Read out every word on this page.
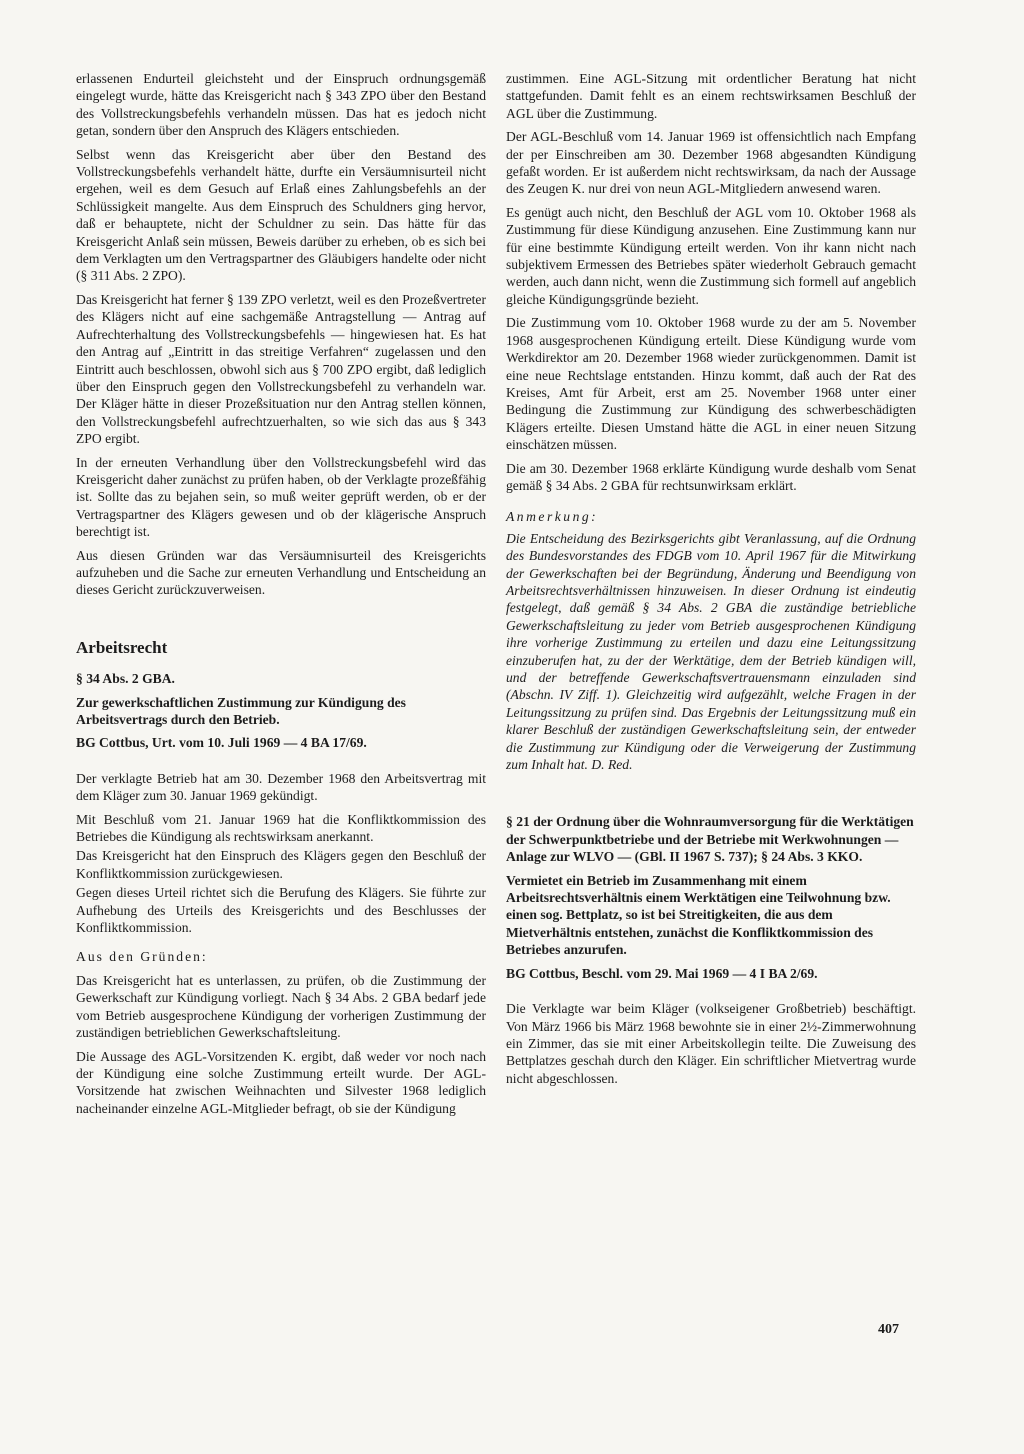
erlassenen Endurteil gleichsteht und der Einspruch ordnungsgemäß eingelegt wurde, hätte das Kreisgericht nach § 343 ZPO über den Bestand des Vollstreckungsbefehls verhandeln müssen. Das hat es jedoch nicht getan, sondern über den Anspruch des Klägers entschieden.

Selbst wenn das Kreisgericht aber über den Bestand des Vollstreckungsbefehls verhandelt hätte, durfte ein Versäumnisurteil nicht ergehen, weil es dem Gesuch auf Erlaß eines Zahlungsbefehls an der Schlüssigkeit mangelte. Aus dem Einspruch des Schuldners ging hervor, daß er behauptete, nicht der Schuldner zu sein. Das hätte für das Kreisgericht Anlaß sein müssen, Beweis darüber zu erheben, ob es sich bei dem Verklagten um den Vertragspartner des Gläubigers handelte oder nicht (§ 311 Abs. 2 ZPO).

Das Kreisgericht hat ferner § 139 ZPO verletzt, weil es den Prozeßvertreter des Klägers nicht auf eine sachgemäße Antragstellung — Antrag auf Aufrechterhaltung des Vollstreckungsbefehls — hingewiesen hat. Es hat den Antrag auf „Eintritt in das streitige Verfahren“ zugelassen und den Eintritt auch beschlossen, obwohl sich aus § 700 ZPO ergibt, daß lediglich über den Einspruch gegen den Vollstreckungsbefehl zu verhandeln war. Der Kläger hätte in dieser Prozeßsituation nur den Antrag stellen können, den Vollstreckungsbefehl aufrechtzuerhalten, so wie sich das aus § 343 ZPO ergibt.

In der erneuten Verhandlung über den Vollstreckungsbefehl wird das Kreisgericht daher zunächst zu prüfen haben, ob der Verklagte prozeßfähig ist. Sollte das zu bejahen sein, so muß weiter geprüft werden, ob er der Vertragspartner des Klägers gewesen und ob der klägerische Anspruch berechtigt ist.

Aus diesen Gründen war das Versäumnisurteil des Kreisgerichts aufzuheben und die Sache zur erneuten Verhandlung und Entscheidung an dieses Gericht zurückzuverweisen.

Arbeitsrecht

§ 34 Abs. 2 GBA.

Zur gewerkschaftlichen Zustimmung zur Kündigung des Arbeitsvertrags durch den Betrieb.

BG Cottbus, Urt. vom 10. Juli 1969 — 4 BA 17/69.

Der verklagte Betrieb hat am 30. Dezember 1968 den Arbeitsvertrag mit dem Kläger zum 30. Januar 1969 gekündigt.

Mit Beschluß vom 21. Januar 1969 hat die Konfliktkommission des Betriebes die Kündigung als rechtswirksam anerkannt.

Das Kreisgericht hat den Einspruch des Klägers gegen den Beschluß der Konfliktkommission zurückgewiesen.

Gegen dieses Urteil richtet sich die Berufung des Klägers. Sie führte zur Aufhebung des Urteils des Kreisgerichts und des Beschlusses der Konfliktkommission.

Aus den Gründen:

Das Kreisgericht hat es unterlassen, zu prüfen, ob die Zustimmung der Gewerkschaft zur Kündigung vorliegt. Nach § 34 Abs. 2 GBA bedarf jede vom Betrieb ausgesprochene Kündigung der vorherigen Zustimmung der zuständigen betrieblichen Gewerkschaftsleitung.

Die Aussage des AGL-Vorsitzenden K. ergibt, daß weder vor noch nach der Kündigung eine solche Zustimmung erteilt wurde. Der AGL-Vorsitzende hat zwischen Weihnachten und Silvester 1968 lediglich nacheinander einzelne AGL-Mitglieder befragt, ob sie der Kündigung

zustimmen. Eine AGL-Sitzung mit ordentlicher Beratung hat nicht stattgefunden. Damit fehlt es an einem rechtswirksamen Beschluß der AGL über die Zustimmung.

Der AGL-Beschluß vom 14. Januar 1969 ist offensichtlich nach Empfang der per Einschreiben am 30. Dezember 1968 abgesandten Kündigung gefaßt worden. Er ist außerdem nicht rechtswirksam, da nach der Aussage des Zeugen K. nur drei von neun AGL-Mitgliedern anwesend waren.

Es genügt auch nicht, den Beschluß der AGL vom 10. Oktober 1968 als Zustimmung für diese Kündigung anzusehen. Eine Zustimmung kann nur für eine bestimmte Kündigung erteilt werden. Von ihr kann nicht nach subjektivem Ermessen des Betriebes später wiederholt Gebrauch gemacht werden, auch dann nicht, wenn die Zustimmung sich formell auf angeblich gleiche Kündigungsgründe bezieht.

Die Zustimmung vom 10. Oktober 1968 wurde zu der am 5. November 1968 ausgesprochenen Kündigung erteilt. Diese Kündigung wurde vom Werkdirektor am 20. Dezember 1968 wieder zurückgenommen. Damit ist eine neue Rechtslage entstanden. Hinzu kommt, daß auch der Rat des Kreises, Amt für Arbeit, erst am 25. November 1968 unter einer Bedingung die Zustimmung zur Kündigung des schwerbeschädigten Klägers erteilte. Diesen Umstand hätte die AGL in einer neuen Sitzung einschätzen müssen.

Die am 30. Dezember 1968 erklärte Kündigung wurde deshalb vom Senat gemäß § 34 Abs. 2 GBA für rechtsunwirksam erklärt.

Anmerkung:

Die Entscheidung des Bezirksgerichts gibt Veranlassung, auf die Ordnung des Bundesvorstandes des FDGB vom 10. April 1967 für die Mitwirkung der Gewerkschaften bei der Begründung, Änderung und Beendigung von Arbeitsrechtsverhältnissen hinzuweisen. In dieser Ordnung ist eindeutig festgelegt, daß gemäß § 34 Abs. 2 GBA die zuständige betriebliche Gewerkschaftsleitung zu jeder vom Betrieb ausgesprochenen Kündigung ihre vorherige Zustimmung zu erteilen und dazu eine Leitungssitzung einzuberufen hat, zu der der Werktätige, dem der Betrieb kündigen will, und der betreffende Gewerkschaftsvertrauensmann einzuladen sind (Abschn. IV Ziff. 1). Gleichzeitig wird aufgezählt, welche Fragen in der Leitungssitzung zu prüfen sind. Das Ergebnis der Leitungssitzung muß ein klarer Beschluß der zuständigen Gewerkschaftsleitung sein, der entweder die Zustimmung zur Kündigung oder die Verweigerung der Zustimmung zum Inhalt hat. D. Red.

§ 21 der Ordnung über die Wohnraumversorgung für die Werktätigen der Schwerpunktbetriebe und der Betriebe mit Werkwohnungen — Anlage zur WLVO — (GBl. II 1967 S. 737); § 24 Abs. 3 KKO.

Vermietet ein Betrieb im Zusammenhang mit einem Arbeitsrechtsverhältnis einem Werktätigen eine Teilwohnung bzw. einen sog. Bettplatz, so ist bei Streitigkeiten, die aus dem Mietverhältnis entstehen, zunächst die Konfliktkommission des Betriebes anzurufen.

BG Cottbus, Beschl. vom 29. Mai 1969 — 4 I BA 2/69.

Die Verklagte war beim Kläger (volkseigener Großbetrieb) beschäftigt. Von März 1966 bis März 1968 bewohnte sie in einer 2½-Zimmerwohnung ein Zimmer, das sie mit einer Arbeitskollegin teilte. Die Zuweisung des Bettplatzes geschah durch den Kläger. Ein schriftlicher Mietvertrag wurde nicht abgeschlossen.

407
